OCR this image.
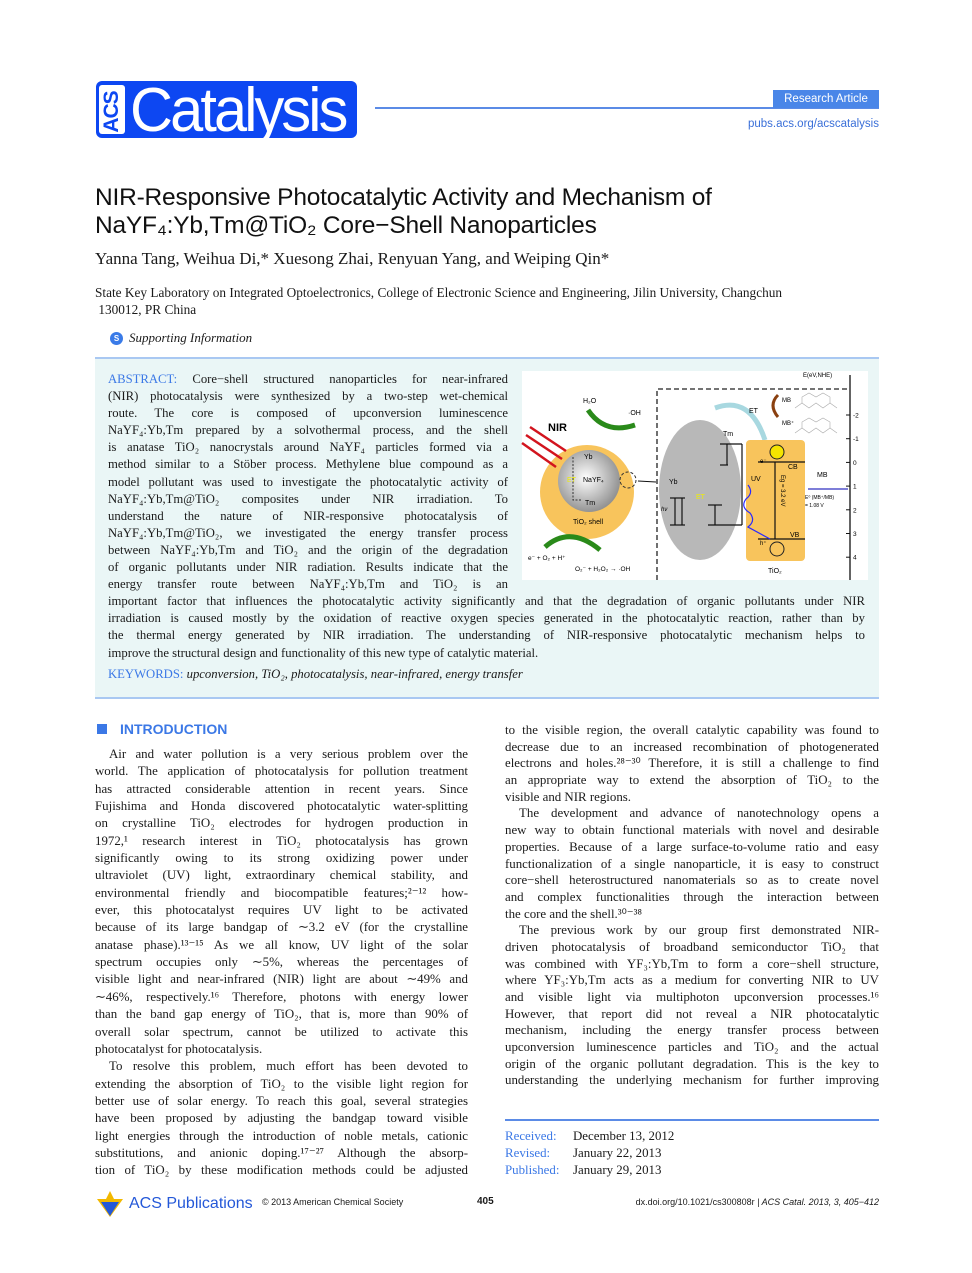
ACS Catalysis	Research Article
pubs.acs.org/acscatalysis
NIR-Responsive Photocatalytic Activity and Mechanism of
NaYF₄:Yb,Tm@TiO₂ Core−Shell Nanoparticles
Yanna Tang, Weihua Di,* Xuesong Zhai, Renyuan Yang, and Weiping Qin*
State Key Laboratory on Integrated Optoelectronics, College of Electronic Science and Engineering, Jilin University, Changchun
130012, PR China
S Supporting Information
ABSTRACT: Core−shell structured nanoparticles for near-infrared
(NIR) photocatalysis were synthesized by a two-step wet-chemical
route. The core is composed of upconversion luminescence
NaYF₄:Yb,Tm prepared by a solvothermal process, and the shell
is anatase TiO₂ nanocrystals around NaYF₄ particles formed via a
method similar to a Stöber process. Methylene blue compound as a
model pollutant was used to investigate the photocatalytic activity of
NaYF₄:Yb,Tm@TiO₂ composites under NIR irradiation. To
understand the nature of NIR-responsive photocatalysis of
NaYF₄:Yb,Tm@TiO₂, we investigated the energy transfer process
between NaYF₄:Yb,Tm and TiO₂ and the origin of the degradation
of organic pollutants under NIR radiation. Results indicate that the
energy transfer route between NaYF₄:Yb,Tm and TiO₂ is an
important factor that influences the photocatalytic activity significantly and that the degradation of organic pollutants under NIR
irradiation is caused mostly by the oxidation of reactive oxygen species generated in the photocatalytic reaction, rather than by
the thermal energy generated by NIR irradiation. The understanding of NIR-responsive photocatalytic mechanism helps to
improve the structural design and functionality of this new type of catalytic material.
KEYWORDS: upconversion, TiO₂, photocatalysis, near-infrared, energy transfer
NIR
H₂O
·OH
Yb
ET NaYF₄
Tm
TiO₂ shell
e⁻ + O₂ + H⁺
O₂⁻ + H₂O₂ → ·OH
ET
Yb
Tm
UV
hν
ET
e⁻
h⁺
CB
VB
Eg = 3.2 eV
TiO₂
MB
MB⁺
MB
E⁰ (MB⁺/MB)
= 1.08 V
E(eV,NHE)
-2
-1
0
1
2
3
4
INTRODUCTION
Air and water pollution is a very serious problem over the
world. The application of photocatalysis for pollution treatment
has attracted considerable attention in recent years. Since
Fujishima and Honda discovered photocatalytic water-splitting
on crystalline TiO₂ electrodes for hydrogen production in
1972,¹ research interest in TiO₂ photocatalysis has grown
significantly owing to its strong oxidizing power under
ultraviolet (UV) light, extraordinary chemical stability, and
environmental friendly and biocompatible features;²⁻¹² how-
ever, this photocatalyst requires UV light to be activated
because of its large bandgap of ∼3.2 eV (for the crystalline
anatase phase).¹³⁻¹⁵ As we all know, UV light of the solar
spectrum occupies only ∼5%, whereas the percentages of
visible light and near-infrared (NIR) light are about ∼49% and
∼46%, respectively.¹⁶ Therefore, photons with energy lower
than the band gap energy of TiO₂, that is, more than 90% of
overall solar spectrum, cannot be utilized to activate this
photocatalyst for photocatalysis.
To resolve this problem, much effort has been devoted to
extending the absorption of TiO₂ to the visible light region for
better use of solar energy. To reach this goal, several strategies
have been proposed by adjusting the bandgap toward visible
light energies through the introduction of noble metals, cationic
substitutions, and anionic doping.¹⁷⁻²⁷ Although the absorp-
tion of TiO₂ by these modification methods could be adjusted
to the visible region, the overall catalytic capability was found to
decrease due to an increased recombination of photogenerated
electrons and holes.²⁸⁻³⁰ Therefore, it is still a challenge to find
an appropriate way to extend the absorption of TiO₂ to the
visible and NIR regions.
The development and advance of nanotechnology opens a
new way to obtain functional materials with novel and desirable
properties. Because of a large surface-to-volume ratio and easy
functionalization of a single nanoparticle, it is easy to construct
core−shell heterostructured nanomaterials so as to create novel
and complex functionalities through the interaction between
the core and the shell.³⁰⁻³⁸
The previous work by our group first demonstrated NIR-
driven photocatalysis of broadband semiconductor TiO₂ that
was combined with YF₃:Yb,Tm to form a core−shell structure,
where YF₃:Yb,Tm acts as a medium for converting NIR to UV
and visible light via multiphoton upconversion processes.¹⁶
However, that report did not reveal a NIR photocatalytic
mechanism, including the energy transfer process between
upconversion luminescence particles and TiO₂ and the actual
origin of the organic pollutant degradation. This is the key to
understanding the underlying mechanism for further improving
Received:	December 13, 2012
Revised:	January 22, 2013
Published:	January 29, 2013
ACS Publications © 2013 American Chemical Society	405	dx.doi.org/10.1021/cs300808r | ACS Catal. 2013, 3, 405−412
